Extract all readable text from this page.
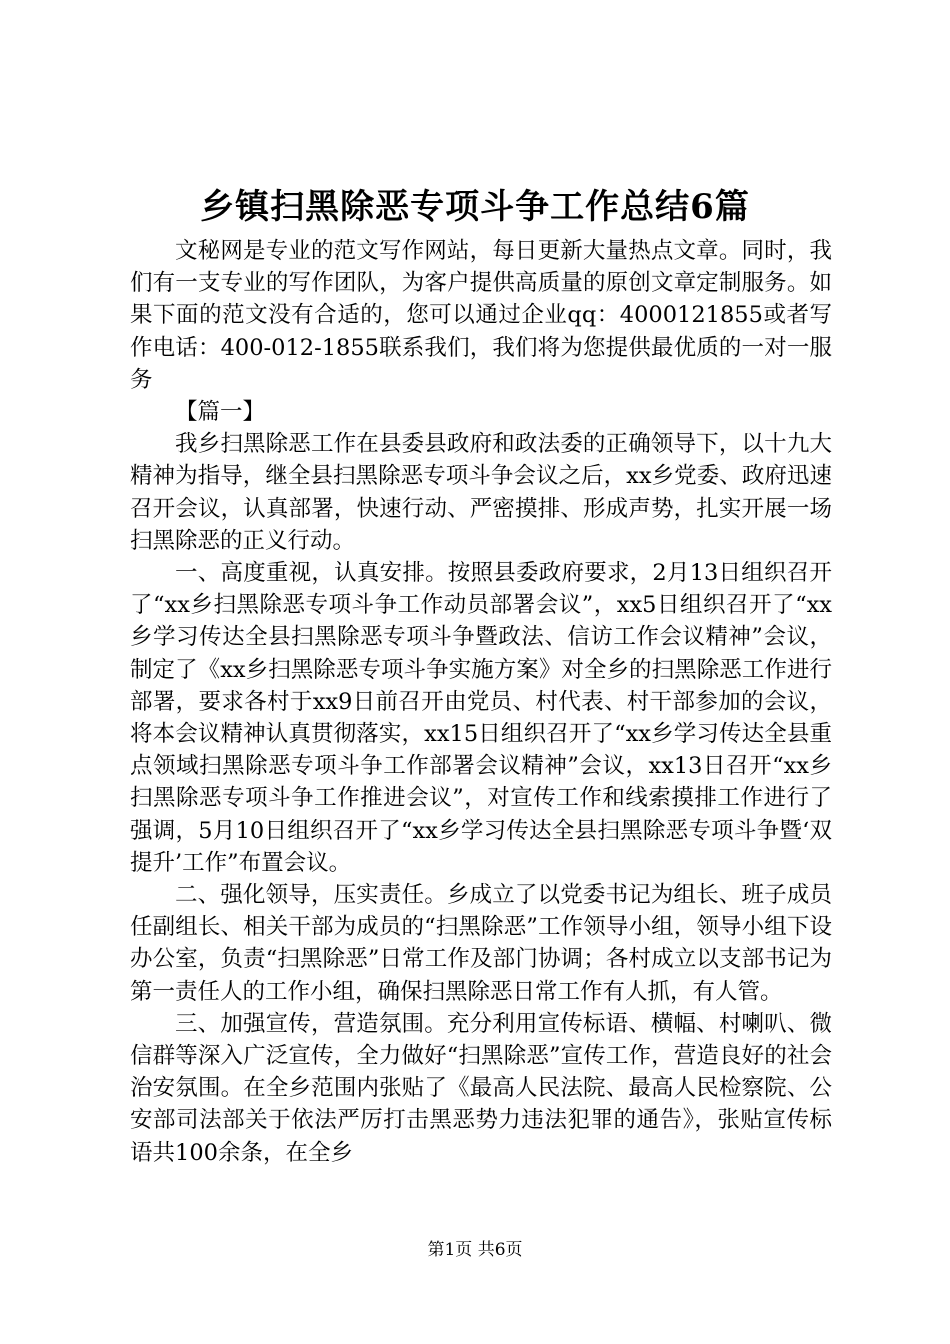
乡镇扫黑除恶专项斗争工作总结6篇

文秘网是专业的范文写作网站，每日更新大量热点文章。同时，我们有一支专业的写作团队，为客户提供高质量的原创文章定制服务。如果下面的范文没有合适的，您可以通过企业qq：4000121855或者写作电话：400-012-1855联系我们，我们将为您提供最优质的一对一服务

【篇一】

我乡扫黑除恶工作在县委县政府和政法委的正确领导下，以十九大精神为指导，继全县扫黑除恶专项斗争会议之后，xx乡党委、政府迅速召开会议，认真部署，快速行动、严密摸排、形成声势，扎实开展一场扫黑除恶的正义行动。

一、高度重视，认真安排。按照县委政府要求，2月13日组织召开了“xx乡扫黑除恶专项斗争工作动员部署会议”，xx5日组织召开了“xx乡学习传达全县扫黑除恶专项斗争暨政法、信访工作会议精神”会议，制定了《xx乡扫黑除恶专项斗争实施方案》对全乡的扫黑除恶工作进行部署，要求各村于xx9日前召开由党员、村代表、村干部参加的会议，将本会议精神认真贯彻落实，xx15日组织召开了“xx乡学习传达全县重点领域扫黑除恶专项斗争工作部署会议精神”会议，xx13日召开“xx乡扫黑除恶专项斗争工作推进会议”，对宣传工作和线索摸排工作进行了强调，5月10日组织召开了“xx乡学习传达全县扫黑除恶专项斗争暨‘双提升’工作”布置会议。

二、强化领导，压实责任。乡成立了以党委书记为组长、班子成员任副组长、相关干部为成员的“扫黑除恶”工作领导小组，领导小组下设办公室，负责“扫黑除恶”日常工作及部门协调；各村成立以支部书记为第一责任人的工作小组，确保扫黑除恶日常工作有人抓，有人管。

三、加强宣传，营造氛围。充分利用宣传标语、横幅、村喇叭、微信群等深入广泛宣传，全力做好“扫黑除恶”宣传工作，营造良好的社会治安氛围。在全乡范围内张贴了《最高人民法院、最高人民检察院、公安部司法部关于依法严厉打击黑恶势力违法犯罪的通告》，张贴宣传标语共100余条，在全乡

第1页 共6页
